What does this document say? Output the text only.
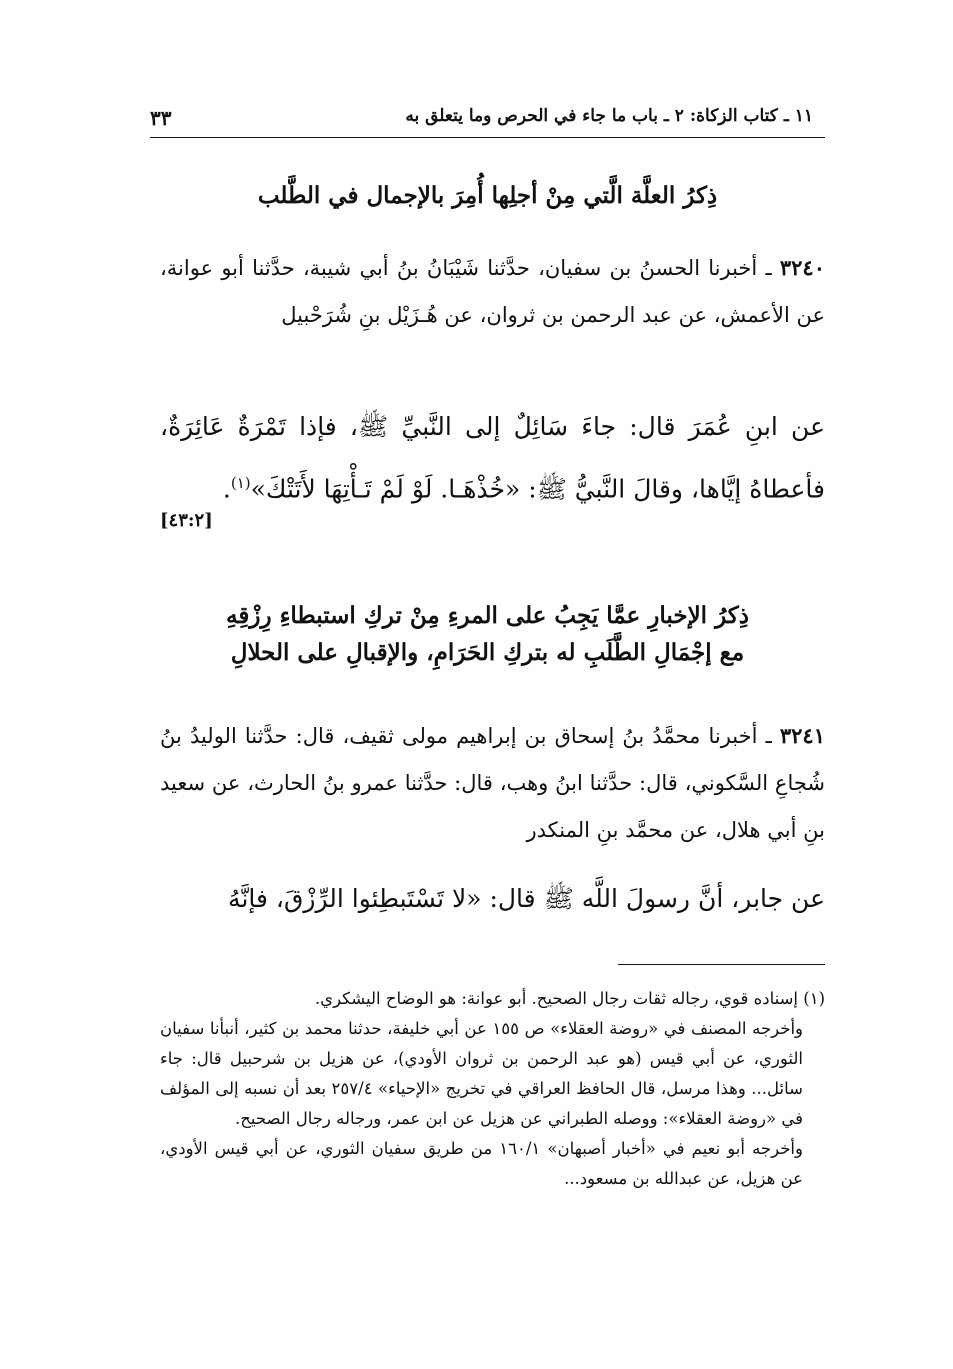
١١ ـ كتاب الزكاة: ٢ ـ باب ما جاء في الحرص وما يتعلق به
٣٣
ذِكرُ العلَّة الَّتي مِنْ أجلِها أُمِرَ بالإجمال في الطَّلب
٣٢٤٠ ـ أخبرنا الحسنُ بن سفيان، حدَّثنا شَيْبَانُ بنُ أبي شيبة، حدَّثنا أبو عوانة، عن الأعمش، عن عبد الرحمن بن ثروان، عن هُـزَيْل بنِ شُرَحْبيل
عن ابنِ عُمَرَ قال: جاءَ سَائِلٌ إلى النَّبيِّ ﷺ، فإذا تَمْرَةٌ عَائِرَةٌ، فأعطاهُ إيَّاها، وقالَ النَّبيُّ ﷺ: «خُذْهَـا. لَوْ لَمْ تَـأْتِهَا لأَتَتْكَ»$^{(١)}$.
[٤٣:٢]
ذِكرُ الإخبارِ عمَّا يَجِبُ على المرءِ مِنْ تركِ استبطاءِ رِزْقِهِ
مع إجْمَالِ الطَّلَبِ له بتركِ الحَرَامِ، والإقبالِ على الحلالِ
٣٢٤١ ـ أخبرنا محمَّدُ بنُ إسحاق بن إبراهيم مولى ثقيف، قال: حدَّثنا الوليدُ بنُ شُجاعِ السَّكوني، قال: حدَّثنا ابنُ وهب، قال: حدَّثنا عمرو بنُ الحارث، عن سعيد بنِ أبي هلال، عن محمَّد بنِ المنكدر
عن جابر، أنَّ رسولَ اللَّه ﷺ قال: «لا تَسْتَبطِئوا الرِّزْقَ، فإنَّهُ

(١) إسناده قوي، رجاله ثقات رجال الصحيح. أبو عوانة: هو الوضاح اليشكري.

وأخرجه المصنف في «روضة العقلاء» ص ١٥٥ عن أبي خليفة، حدثنا محمد بن كثير، أنبأنا سفيان الثوري، عن أبي قيس (هو عبد الرحمن بن ثروان الأودي)، عن هزيل بن شرحبيل قال: جاء سائل... وهذا مرسل، قال الحافظ العراقي في تخريج «الإحياء» ٢٥٧/٤ بعد أن نسبه إلى المؤلف في «روضة العقلاء»: ووصله الطبراني عن هزيل عن ابن عمر، ورجاله رجال الصحيح.

وأخرجه أبو نعيم في «أخبار أصبهان» ١٦٠/١ من طريق سفيان الثوري، عن أبي قيس الأودي، عن هزيل، عن عبدالله بن مسعود...
